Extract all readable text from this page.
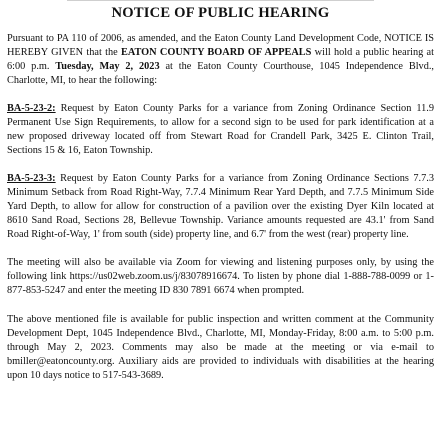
NOTICE OF PUBLIC HEARING

Pursuant to PA 110 of 2006, as amended, and the Eaton County Land Development Code, NOTICE IS HEREBY GIVEN that the EATON COUNTY BOARD OF APPEALS will hold a public hearing at 6:00 p.m. Tuesday, May 2, 2023 at the Eaton County Courthouse, 1045 Independence Blvd., Charlotte, MI, to hear the following:

BA-5-23-2: Request by Eaton County Parks for a variance from Zoning Ordinance Section 11.9 Permanent Use Sign Requirements, to allow for a second sign to be used for park identification at a new proposed driveway located off from Stewart Road for Crandell Park, 3425 E. Clinton Trail, Sections 15 & 16, Eaton Township.

BA-5-23-3: Request by Eaton County Parks for a variance from Zoning Ordinance Sections 7.7.3 Minimum Setback from Road Right-Way, 7.7.4 Minimum Rear Yard Depth, and 7.7.5 Minimum Side Yard Depth, to allow for allow for construction of a pavilion over the existing Dyer Kiln located at 8610 Sand Road, Sections 28, Bellevue Township. Variance amounts requested are 43.1' from Sand Road Right-of-Way, 1' from south (side) property line, and 6.7' from the west (rear) property line.

The meeting will also be available via Zoom for viewing and listening purposes only, by using the following link https://us02web.zoom.us/j/83078916674. To listen by phone dial 1-888-788-0099 or 1-877-853-5247 and enter the meeting ID 830 7891 6674 when prompted.

The above mentioned file is available for public inspection and written comment at the Community Development Dept, 1045 Independence Blvd., Charlotte, MI, Monday-Friday, 8:00 a.m. to 5:00 p.m. through May 2, 2023. Comments may also be made at the meeting or via e-mail to bmiller@eatoncounty.org. Auxiliary aids are provided to individuals with disabilities at the hearing upon 10 days notice to 517-543-3689.
